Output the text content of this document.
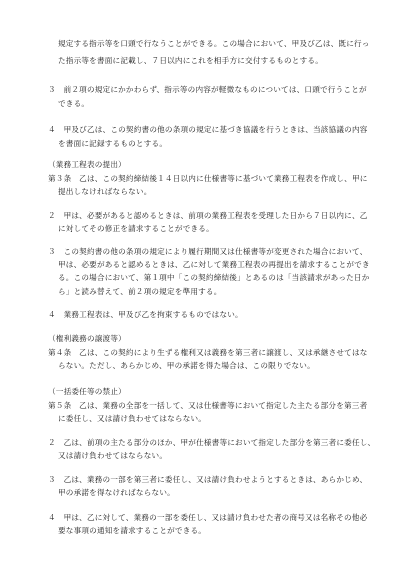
規定する指示等を口頭で行なうことができる。この場合において、甲及び乙は、既に行っ
た指示等を書面に記載し、７日以内にこれを相手方に交付するものとする。
３　前２項の規定にかかわらず、指示等の内容が軽微なものについては、口頭で行うことが
できる。
４　甲及び乙は、この契約書の他の条項の規定に基づき協議を行うときは、当該協議の内容
を書面に記録するものとする。
（業務工程表の提出）
第３条　乙は、この契約締結後１４日以内に仕様書等に基づいて業務工程表を作成し、甲に
提出しなければならない。
２　甲は、必要があると認めるときは、前項の業務工程表を受理した日から７日以内に、乙
に対してその修正を請求することができる。
３　この契約書の他の条項の規定により履行期間又は仕様書等が変更された場合において、
甲は、必要があると認めるときは、乙に対して業務工程表の再提出を請求することができ
る。この場合において、第１項中「この契約締結後」とあるのは「当該請求があった日か
ら」と読み替えて、前２項の規定を準用する。
４　業務工程表は、甲及び乙を拘束するものではない。
（権利義務の譲渡等）
第４条　乙は、この契約により生ずる権利又は義務を第三者に譲渡し、又は承継させてはな
らない。ただし、あらかじめ、甲の承諾を得た場合は、この限りでない。
（一括委任等の禁止）
第５条　乙は、業務の全部を一括して、又は仕様書等において指定した主たる部分を第三者
に委任し、又は請け負わせてはならない。
２　乙は、前項の主たる部分のほか、甲が仕様書等において指定した部分を第三者に委任し、
又は請け負わせてはならない。
３　乙は、業務の一部を第三者に委任し、又は請け負わせようとするときは、あらかじめ、
甲の承諾を得なければならない。
４　甲は、乙に対して、業務の一部を委任し、又は請け負わせた者の商号又は名称その他必
要な事項の通知を請求することができる。
